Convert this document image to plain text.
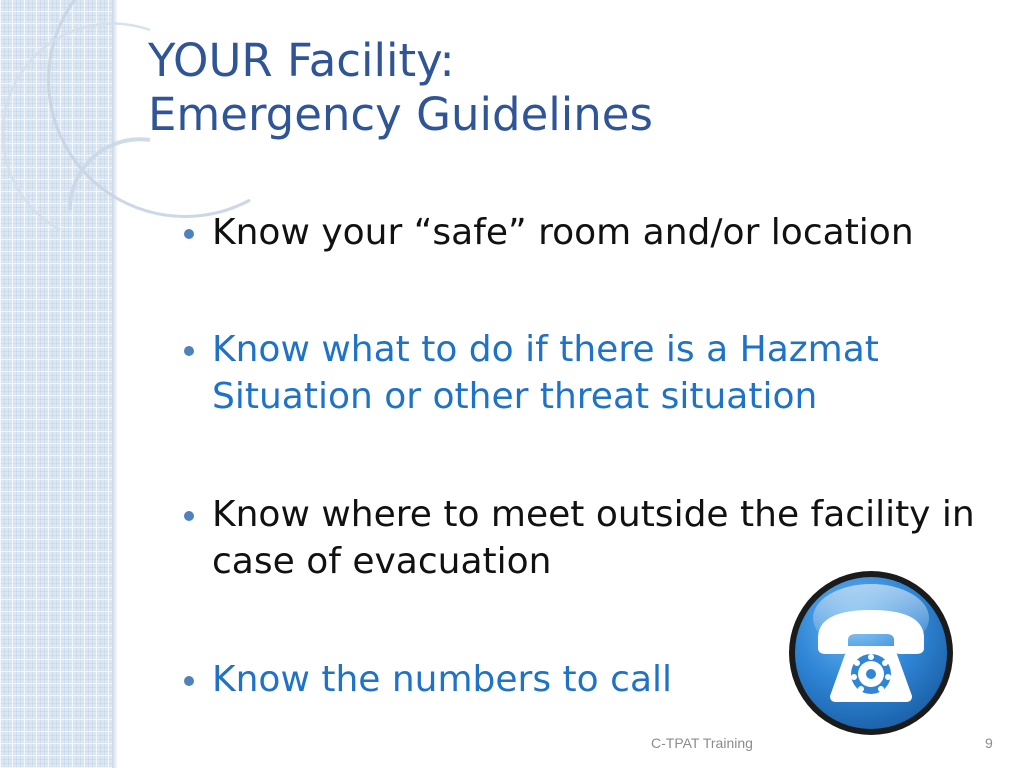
YOUR Facility:
Emergency Guidelines
Know your “safe” room and/or location
Know what to do if there is a Hazmat Situation or other threat situation
Know where to meet outside the facility in case of evacuation
Know the numbers to call
C-TPAT Training	9
